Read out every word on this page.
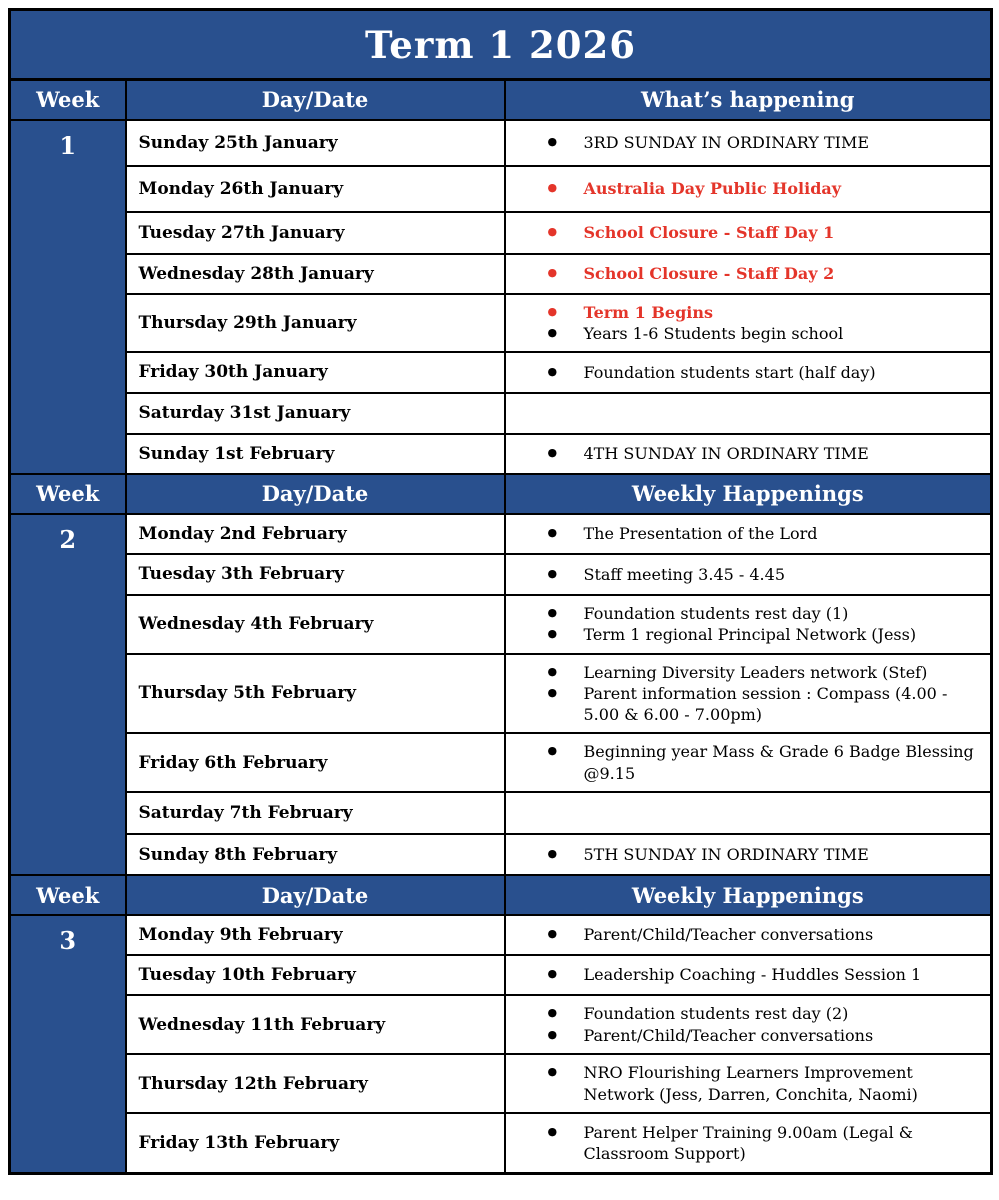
Term 1 2026		
Week	Day/Date	What’s happening
1	Sunday 25th January	● 3RD SUNDAY IN ORDINARY TIME

	Monday 26th January	● Australia Day Public Holiday

	Tuesday 27th January	● School Closure - Staff Day 1

	Wednesday 28th January	● School Closure - Staff Day 2

	Thursday 29th January	● Term 1 Begins
● Years 1-6 Students begin school

	Friday 30th January	● Foundation students start (half day)

	Saturday 31st January	
	Sunday 1st February	● 4TH SUNDAY IN ORDINARY TIME

Week	Day/Date	Weekly Happenings
2	Monday 2nd February	● The Presentation of the Lord

	Tuesday 3th February	● Staff meeting 3.45 - 4.45

	Wednesday 4th February	● Foundation students rest day (1)
● Term 1 regional Principal Network (Jess)

	Thursday 5th February	● Learning Diversity Leaders network (Stef)
● Parent information session : Compass (4.00 - 5.00 & 6.00 - 7.00pm)

	Friday 6th February	● Beginning year Mass & Grade 6 Badge Blessing @9.15

	Saturday 7th February	
	Sunday 8th February	● 5TH SUNDAY IN ORDINARY TIME

Week	Day/Date	Weekly Happenings
3	Monday 9th February	● Parent/Child/Teacher conversations

	Tuesday 10th February	● Leadership Coaching - Huddles Session 1

	Wednesday 11th February	● Foundation students rest day (2)
● Parent/Child/Teacher conversations

	Thursday 12th February	● NRO Flourishing Learners Improvement Network (Jess, Darren, Conchita, Naomi)

	Friday 13th February	● Parent Helper Training 9.00am (Legal & Classroom Support)
